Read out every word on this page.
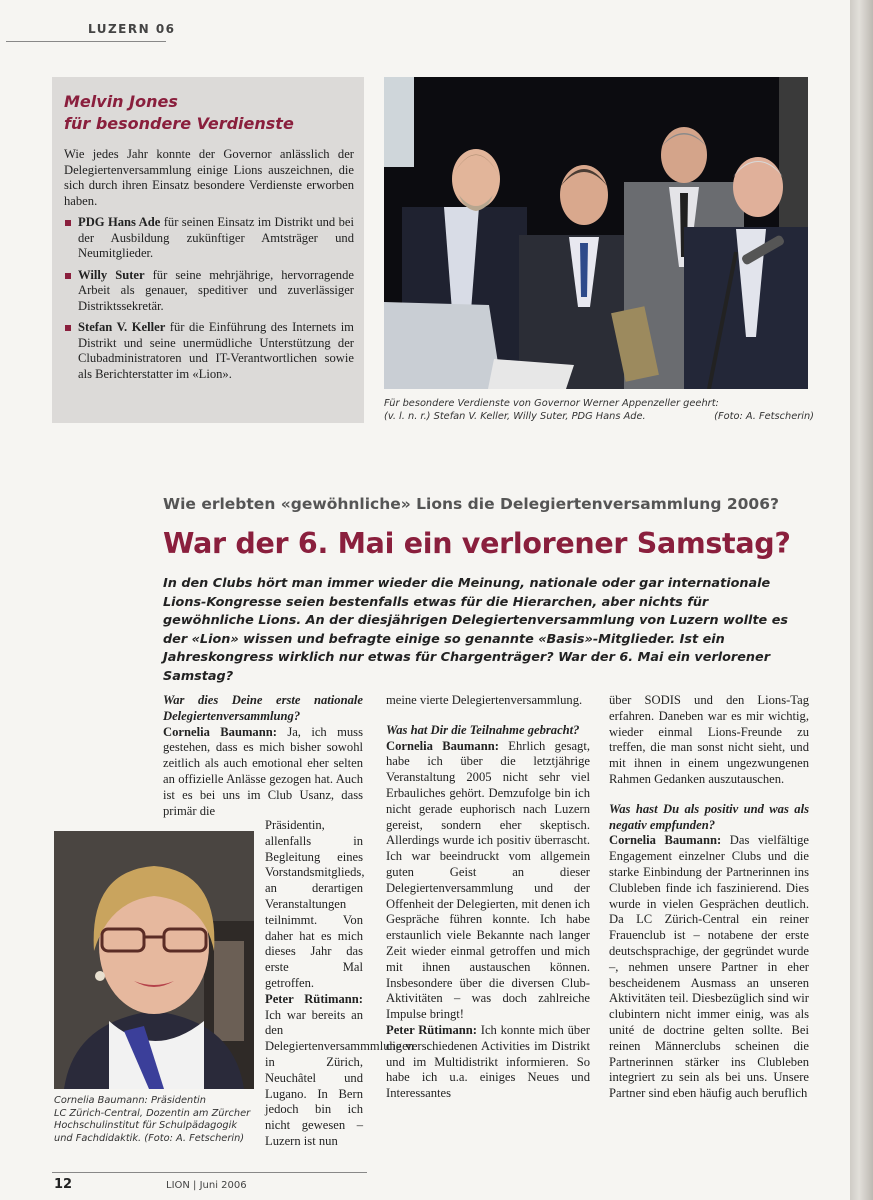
LUZERN 06
Melvin Jones
für besondere Verdienste

Wie jedes Jahr konnte der Governor anlässlich der Delegiertenversammlung einige Lions auszeichnen, die sich durch ihren Einsatz besondere Verdienste erworben haben.

PDG Hans Ade für seinen Einsatz im Distrikt und bei der Ausbildung zukünftiger Amtsträger und Neumitglieder.
Willy Suter für seine mehrjährige, hervorragende Arbeit als genauer, speditiver und zuverlässiger Distriktssekretär.
Stefan V. Keller für die Einführung des Internets im Distrikt und seine unermüdliche Unterstützung der Clubadministratoren und IT-Verantwortlichen sowie als Berichterstatter im «Lion».
Für besondere Verdienste von Governor Werner Appenzeller geehrt:
(v. l. n. r.) Stefan V. Keller, Willy Suter, PDG Hans Ade.	(Foto: A. Fetscherin)
Wie erlebten «gewöhnliche» Lions die Delegiertenversammlung 2006?
War der 6. Mai ein verlorener Samstag?

In den Clubs hört man immer wieder die Meinung, nationale oder gar internationale Lions-Kongresse seien bestenfalls etwas für die Hierarchen, aber nichts für gewöhnliche Lions. An der diesjährigen Delegiertenversammlung von Luzern wollte es der «Lion» wissen und befragte einige so genannte «Basis»-Mitglieder. Ist ein Jahreskongress wirklich nur etwas für Chargenträger? War der 6. Mai ein verlorener Samstag?

War dies Deine erste nationale Delegiertenversammlung?

Cornelia Baumann: Ja, ich muss gestehen, dass es mich bisher sowohl zeitlich als auch emotional eher selten an offizielle Anlässe gezogen hat. Auch ist es bei uns im Club Usanz, dass primär die

Präsidentin, allenfalls in Begleitung eines Vorstandsmitglieds, an derartigen Veranstaltungen teilnimmt. Von daher hat es mich dieses Jahr das erste Mal getroffen.

Peter Rütimann: Ich war bereits an den Delegiertenversammmlungen in Zürich, Neuchâtel und Lugano. In Bern jedoch bin ich nicht gewesen – Luzern ist nun

meine vierte Delegiertenversammlung.

Was hat Dir die Teilnahme gebracht?

Cornelia Baumann: Ehrlich gesagt, habe ich über die letztjährige Veranstaltung 2005 nicht sehr viel Erbauliches gehört. Demzufolge bin ich nicht gerade euphorisch nach Luzern gereist, sondern eher skeptisch. Allerdings wurde ich positiv überrascht. Ich war beeindruckt vom allgemein guten Geist an dieser Delegiertenversammlung und der Offenheit der Delegierten, mit denen ich Gespräche führen konnte. Ich habe erstaunlich viele Bekannte nach langer Zeit wieder einmal getroffen und mich mit ihnen austauschen können. Insbesondere über die diversen Club-Aktivitäten – was doch zahlreiche Impulse bringt!

Peter Rütimann: Ich konnte mich über die verschiedenen Activities im Distrikt und im Multidistrikt informieren. So habe ich u.a. einiges Neues und Interessantes

über SODIS und den Lions-Tag erfahren. Daneben war es mir wichtig, wieder einmal Lions-Freunde zu treffen, die man sonst nicht sieht, und mit ihnen in einem ungezwungenen Rahmen Gedanken auszutauschen.

Was hast Du als positiv und was als negativ empfunden?

Cornelia Baumann: Das vielfältige Engagement einzelner Clubs und die starke Einbindung der Partnerinnen ins Clubleben finde ich faszinierend. Dies wurde in vielen Gesprächen deutlich. Da LC Zürich-Central ein reiner Frauenclub ist – notabene der erste deutschsprachige, der gegründet wurde –, nehmen unsere Partner in eher bescheidenem Ausmass an unseren Aktivitäten teil. Diesbezüglich sind wir clubintern nicht immer einig, was als unité de doctrine gelten sollte. Bei reinen Männerclubs scheinen die Partnerinnen stärker ins Clubleben integriert zu sein als bei uns. Unsere Partner sind eben häufig auch beruflich

Cornelia Baumann: Präsidentin
LC Zürich-Central, Dozentin am Zürcher
Hochschulinstitut für Schulpädagogik
und Fachdidaktik. (Foto: A. Fetscherin)
12	LION | Juni 2006
